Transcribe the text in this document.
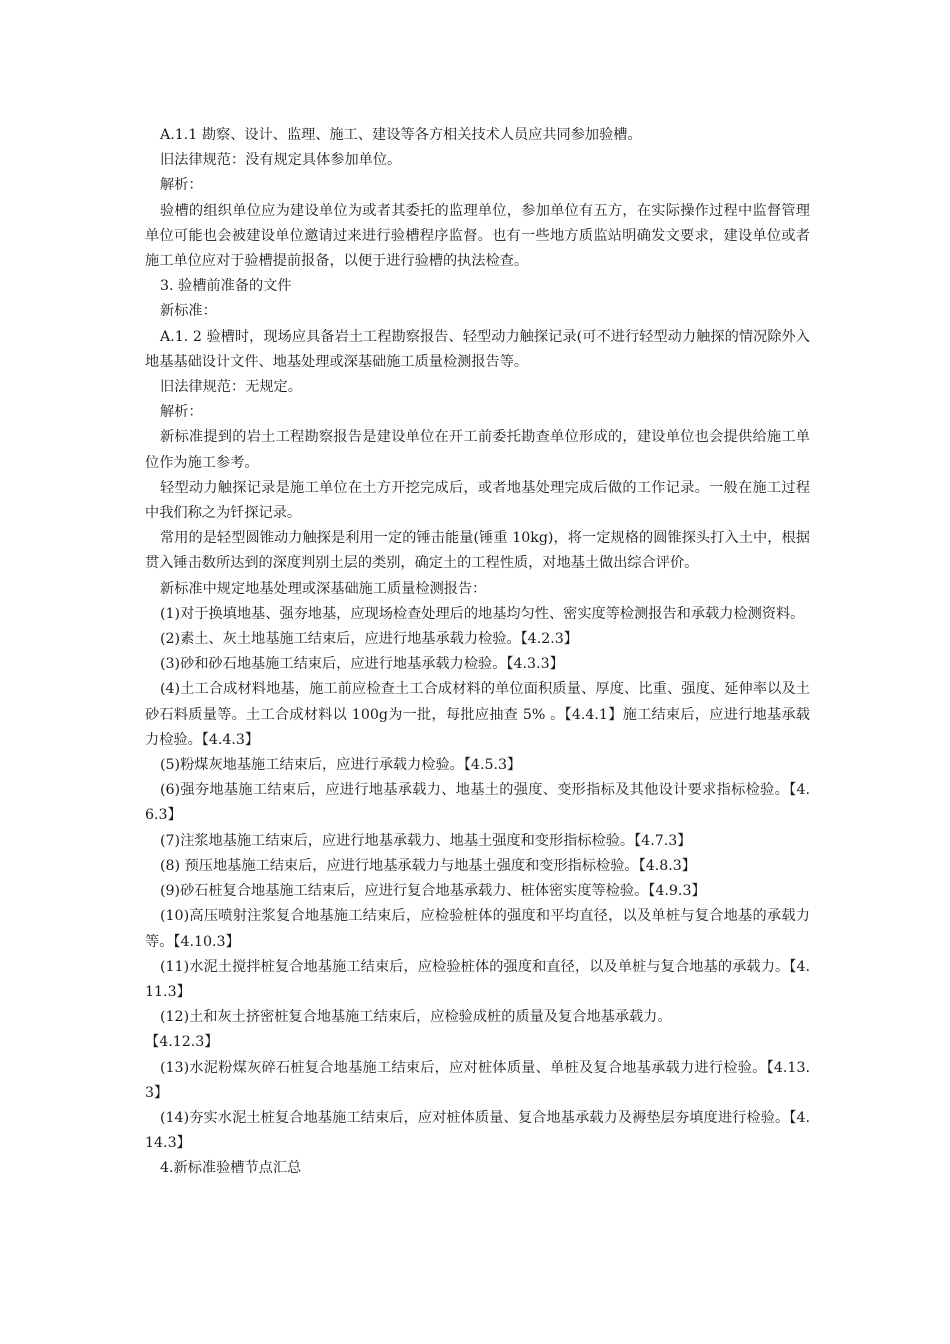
A.1.1 勘察、设计、监理、施工、建设等各方相关技术人员应共同参加验槽。

旧法律规范：没有规定具体参加单位。

解析：

验槽的组织单位应为建设单位为或者其委托的监理单位，参加单位有五方，在实际操作过程中监督管理单位可能也会被建设单位邀请过来进行验槽程序监督。也有一些地方质监站明确发文要求，建设单位或者施工单位应对于验槽提前报备，以便于进行验槽的执法检查。

3. 验槽前准备的文件

新标准：

A.1. 2 验槽时，现场应具备岩土工程勘察报告、轻型动力触探记录(可不进行轻型动力触探的情况除外入地基基础设计文件、地基处理或深基础施工质量检测报告等。

旧法律规范：无规定。

解析：

新标准提到的岩土工程勘察报告是建设单位在开工前委托勘查单位形成的，建设单位也会提供给施工单位作为施工参考。

轻型动力触探记录是施工单位在土方开挖完成后，或者地基处理完成后做的工作记录。一般在施工过程中我们称之为钎探记录。

常用的是轻型圆锥动力触探是利用一定的锤击能量(锤重 10kg)，将一定规格的圆锥探头打入土中，根据贯入锤击数所达到的深度判别土层的类别，确定土的工程性质，对地基土做出综合评价。

新标准中规定地基处理或深基础施工质量检测报告：

(1)对于换填地基、强夯地基，应现场检查处理后的地基均匀性、密实度等检测报告和承载力检测资料。

(2)素土、灰土地基施工结束后，应进行地基承载力检验。【4.2.3】

(3)砂和砂石地基施工结束后，应进行地基承载力检验。【4.3.3】

(4)土工合成材料地基，施工前应检查土工合成材料的单位面积质量、厚度、比重、强度、延伸率以及土砂石料质量等。土工合成材料以 100g为一批，每批应抽查 5% 。【4.4.1】施工结束后，应进行地基承载力检验。【4.4.3】

(5)粉煤灰地基施工结束后，应进行承载力检验。【4.5.3】

(6)强夯地基施工结束后，应进行地基承载力、地基土的强度、变形指标及其他设计要求指标检验。【4.6.3】

(7)注浆地基施工结束后，应进行地基承载力、地基土强度和变形指标检验。【4.7.3】

(8) 预压地基施工结束后，应进行地基承载力与地基土强度和变形指标检验。【4.8.3】

(9)砂石桩复合地基施工结束后，应进行复合地基承载力、桩体密实度等检验。【4.9.3】

(10)高压喷射注浆复合地基施工结束后，应检验桩体的强度和平均直径，以及单桩与复合地基的承载力等。【4.10.3】

(11)水泥土搅拌桩复合地基施工结束后，应检验桩体的强度和直径，以及单桩与复合地基的承载力。【4.11.3】

(12)土和灰土挤密桩复合地基施工结束后，应检验成桩的质量及复合地基承载力。

【4.12.3】

(13)水泥粉煤灰碎石桩复合地基施工结束后，应对桩体质量、单桩及复合地基承载力进行检验。【4.13.3】

(14)夯实水泥土桩复合地基施工结束后，应对桩体质量、复合地基承载力及褥垫层夯填度进行检验。【4.14.3】

4.新标准验槽节点汇总
